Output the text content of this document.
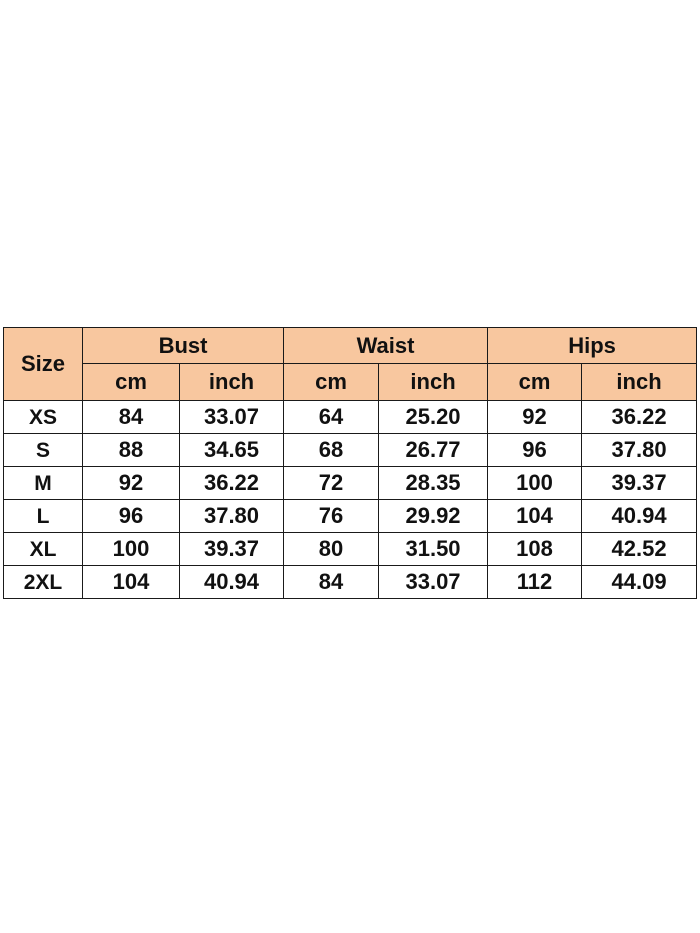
Size	Bust		Waist		Hips	
	cm	inch	cm	inch	cm	inch
XS	84	33.07	64	25.20	92	36.22
S	88	34.65	68	26.77	96	37.80
M	92	36.22	72	28.35	100	39.37
L	96	37.80	76	29.92	104	40.94
XL	100	39.37	80	31.50	108	42.52
2XL	104	40.94	84	33.07	112	44.09
